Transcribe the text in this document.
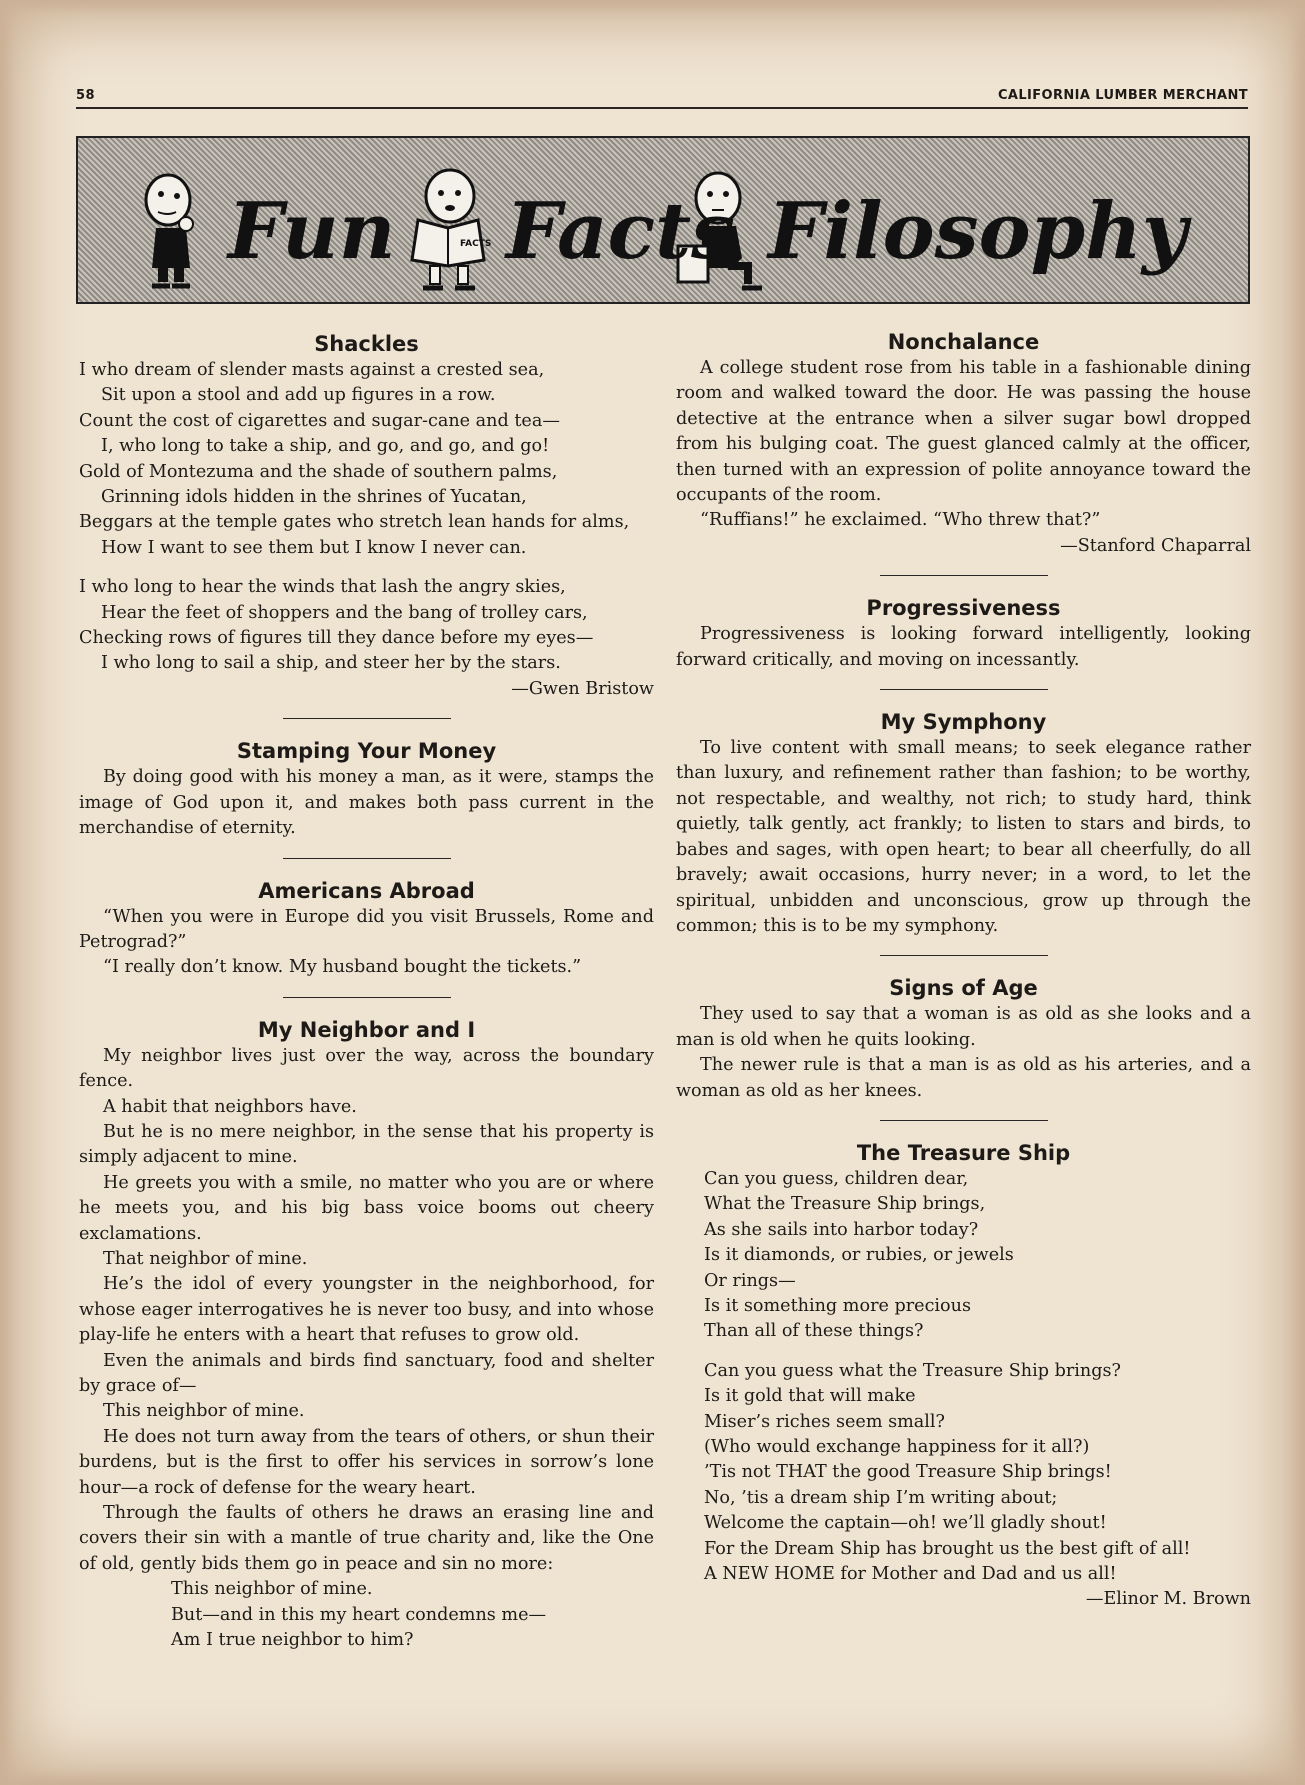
58	CALIFORNIA LUMBER MERCHANT
FACTS
Fun Facts Filosophy
Shackles

I who dream of slender masts against a crested sea,

Sit upon a stool and add up figures in a row.

Count the cost of cigarettes and sugar-cane and tea—

I, who long to take a ship, and go, and go, and go!

Gold of Montezuma and the shade of southern palms,

Grinning idols hidden in the shrines of Yucatan,

Beggars at the temple gates who stretch lean hands for alms,

How I want to see them but I know I never can.

I who long to hear the winds that lash the angry skies,

Hear the feet of shoppers and the bang of trolley cars,

Checking rows of figures till they dance before my eyes—

I who long to sail a ship, and steer her by the stars.

—Gwen Bristow

Stamping Your Money

By doing good with his money a man, as it were, stamps the image of God upon it, and makes both pass current in the merchandise of eternity.

Americans Abroad

“When you were in Europe did you visit Brussels, Rome and Petrograd?”

“I really don’t know. My husband bought the tickets.”

My Neighbor and I

My neighbor lives just over the way, across the boundary fence.

A habit that neighbors have.

But he is no mere neighbor, in the sense that his property is simply adjacent to mine.

He greets you with a smile, no matter who you are or where he meets you, and his big bass voice booms out cheery exclamations.

That neighbor of mine.

He’s the idol of every youngster in the neighborhood, for whose eager interrogatives he is never too busy, and into whose play-life he enters with a heart that refuses to grow old.

Even the animals and birds find sanctuary, food and shelter by grace of—

This neighbor of mine.

He does not turn away from the tears of others, or shun their burdens, but is the first to offer his services in sorrow’s lone hour—a rock of defense for the weary heart.

Through the faults of others he draws an erasing line and covers their sin with a mantle of true charity and, like the One of old, gently bids them go in peace and sin no more:

This neighbor of mine.

But—and in this my heart condemns me—

Am I true neighbor to him?

Nonchalance

A college student rose from his table in a fashionable dining room and walked toward the door. He was passing the house detective at the entrance when a silver sugar bowl dropped from his bulging coat. The guest glanced calmly at the officer, then turned with an expression of polite annoyance toward the occupants of the room.

“Ruffians!” he exclaimed. “Who threw that?”

—Stanford Chaparral

Progressiveness

Progressiveness is looking forward intelligently, looking forward critically, and moving on incessantly.

My Symphony

To live content with small means; to seek elegance rather than luxury, and refinement rather than fashion; to be worthy, not respectable, and wealthy, not rich; to study hard, think quietly, talk gently, act frankly; to listen to stars and birds, to babes and sages, with open heart; to bear all cheerfully, do all bravely; await occasions, hurry never; in a word, to let the spiritual, unbidden and unconscious, grow up through the common; this is to be my symphony.

Signs of Age

They used to say that a woman is as old as she looks and a man is old when he quits looking.

The newer rule is that a man is as old as his arteries, and a woman as old as her knees.

The Treasure Ship

Can you guess, children dear,

What the Treasure Ship brings,

As she sails into harbor today?

Is it diamonds, or rubies, or jewels

Or rings—

Is it something more precious

Than all of these things?

Can you guess what the Treasure Ship brings?

Is it gold that will make

Miser’s riches seem small?

(Who would exchange happiness for it all?)

’Tis not THAT the good Treasure Ship brings!

No, ’tis a dream ship I’m writing about;

Welcome the captain—oh! we’ll gladly shout!

For the Dream Ship has brought us the best gift of all!

A NEW HOME for Mother and Dad and us all!

—Elinor M. Brown
